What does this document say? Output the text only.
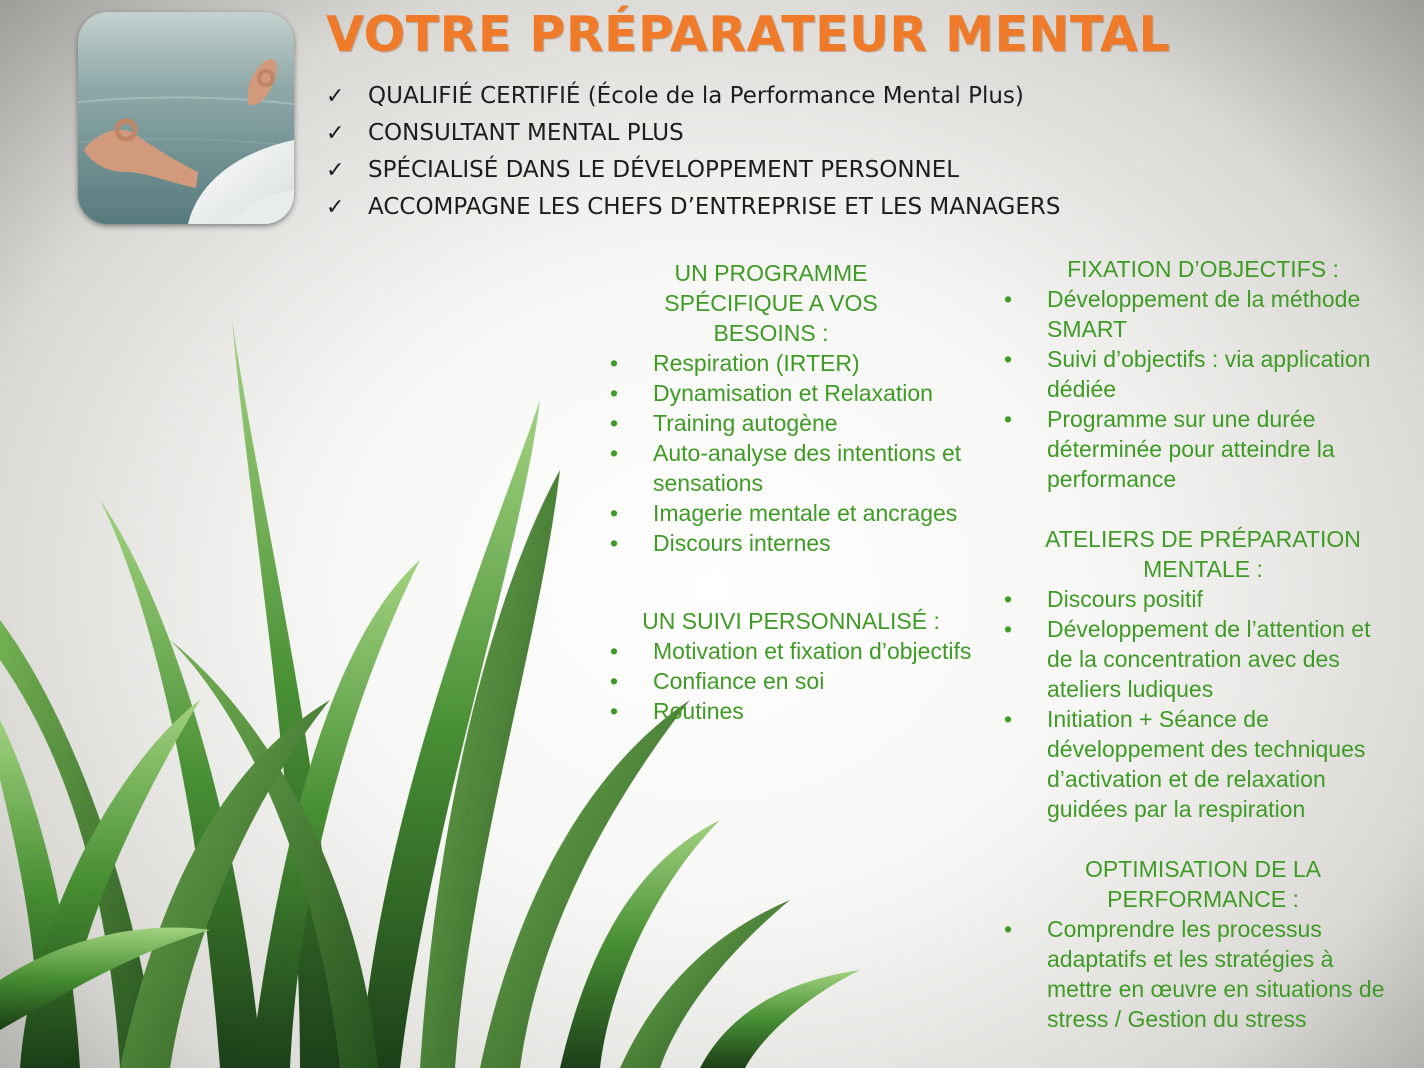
VOTRE PRÉPARATEUR MENTAL
✓ QUALIFIÉ CERTIFIÉ (École de la Performance Mental Plus)
✓ CONSULTANT MENTAL PLUS
✓ SPÉCIALISÉ DANS LE DÉVELOPPEMENT PERSONNEL
✓ ACCOMPAGNE LES CHEFS D’ENTREPRISE ET LES MANAGERS
UN PROGRAMME SPÉCIFIQUE A VOS BESOINS :
• Respiration (IRTER)
• Dynamisation et Relaxation
• Training autogène
• Auto-analyse des intentions et sensations
• Imagerie mentale et ancrages
• Discours internes
UN SUIVI PERSONNALISÉ :
• Motivation et fixation d’objectifs
• Confiance en soi
• Routines
FIXATION D’OBJECTIFS :
• Développement de la méthode SMART
• Suivi d’objectifs : via application dédiée
• Programme sur une durée déterminée pour atteindre la performance
ATELIERS DE PRÉPARATION MENTALE :
• Discours positif
• Développement de l’attention et de la concentration avec des ateliers ludiques
• Initiation + Séance de développement des techniques d’activation et de relaxation guidées par la respiration
OPTIMISATION DE LA PERFORMANCE :
• Comprendre les processus adaptatifs et les stratégies à mettre en œuvre en situations de stress / Gestion du stress
